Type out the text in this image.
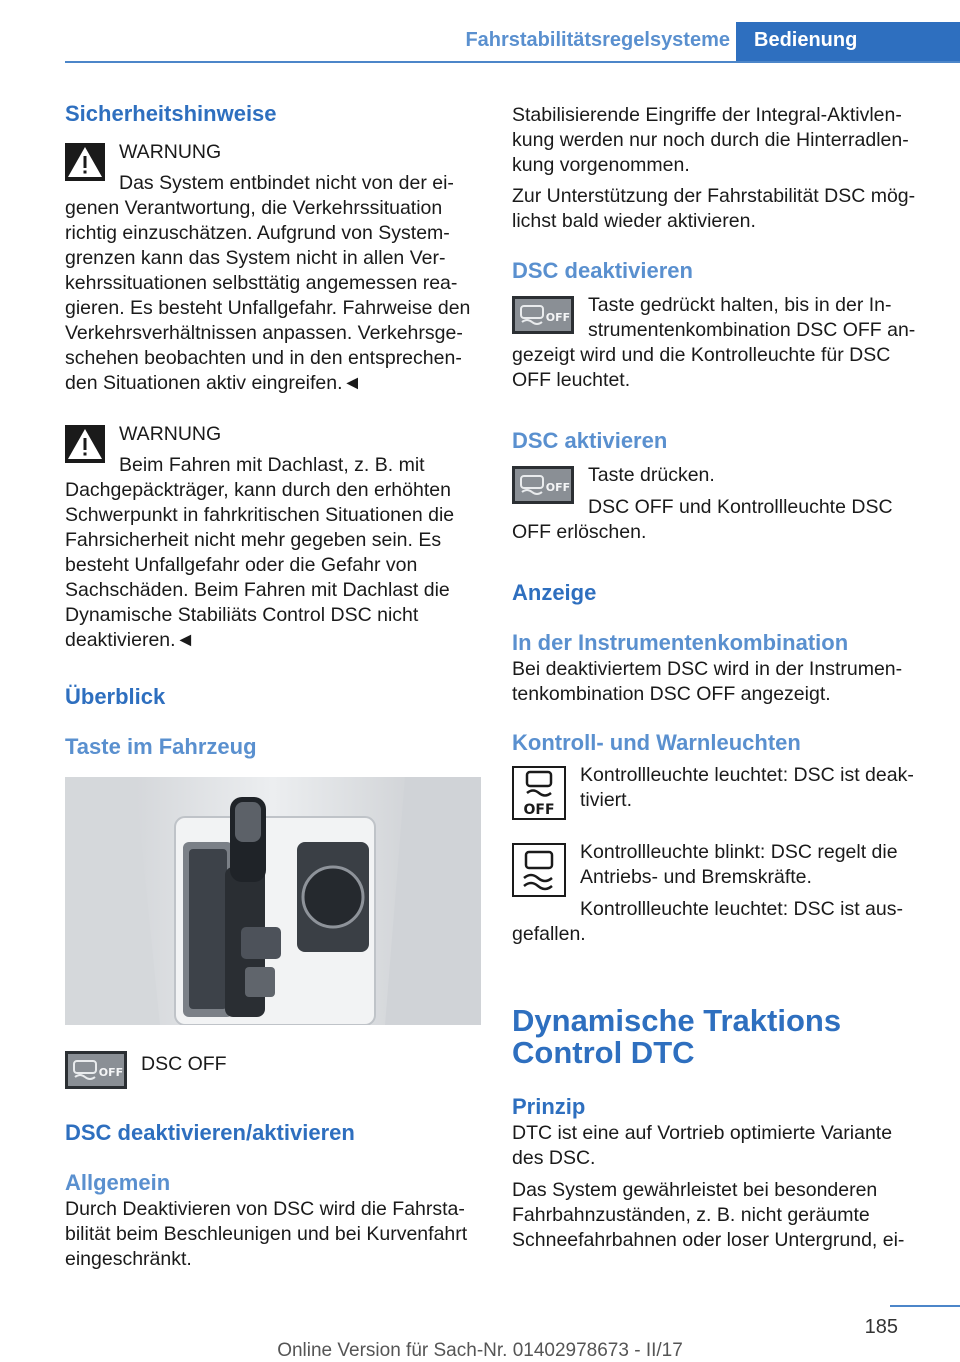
Fahrstabilitätsregelsysteme	Bedienung
Sicherheitshinweise

WARNUNG

Das System entbindet nicht von der ei-

genen Verantwortung, die Verkehrssituation richtig einzuschätzen. Aufgrund von Systemgrenzen kann das System nicht in allen Verkehrssituationen selbsttätig angemessen reagieren. Es besteht Unfallgefahr. Fahrweise den Verkehrsverhältnissen anpassen. Verkehrsgeschehen beobachten und in den entsprechenden Situationen aktiv eingreifen.◄

WARNUNG

Beim Fahren mit Dachlast, z. B. mit

Dachgepäckträger, kann durch den erhöhten Schwerpunkt in fahrkritischen Situationen die Fahrsicherheit nicht mehr gegeben sein. Es besteht Unfallgefahr oder die Gefahr von Sachschäden. Beim Fahren mit Dachlast die Dynamische Stabiliäts Control DSC nicht deaktivieren.◄

Überblick
Taste im Fahrzeug
OFF DSC OFF

DSC deaktivieren/aktivieren
Allgemein

Durch Deaktivieren von DSC wird die Fahrstabilität beim Beschleunigen und bei Kurvenfahrt eingeschränkt.

Stabilisierende Eingriffe der Integral-Aktivlenkung werden nur noch durch die Hinterradlenkung vorgenommen.

Zur Unterstützung der Fahrstabilität DSC möglichst bald wieder aktivieren.

DSC deaktivieren
OFF

Taste gedrückt halten, bis in der Instrumentenkombination DSC OFF an-

gezeigt wird und die Kontrolleuchte für DSC OFF leuchtet.

DSC aktivieren
OFF

Taste drücken.

DSC OFF und Kontrollleuchte DSC

OFF erlöschen.

Anzeige
In der Instrumentenkombination

Bei deaktiviertem DSC wird in der Instrumentenkombination DSC OFF angezeigt.

Kontroll- und Warnleuchten
OFF

Kontrollleuchte leuchtet: DSC ist deaktiviert.

Kontrollleuchte blinkt: DSC regelt die Antriebs- und Bremskräfte.

Kontrollleuchte leuchtet: DSC ist aus-

gefallen.

Dynamische Traktions Control DTC
Prinzip

DTC ist eine auf Vortrieb optimierte Variante des DSC.

Das System gewährleistet bei besonderen Fahrbahnzuständen, z. B. nicht geräumte Schneefahrbahnen oder loser Untergrund, ei-

185
Online Version für Sach-Nr. 01402978673 - II/17
